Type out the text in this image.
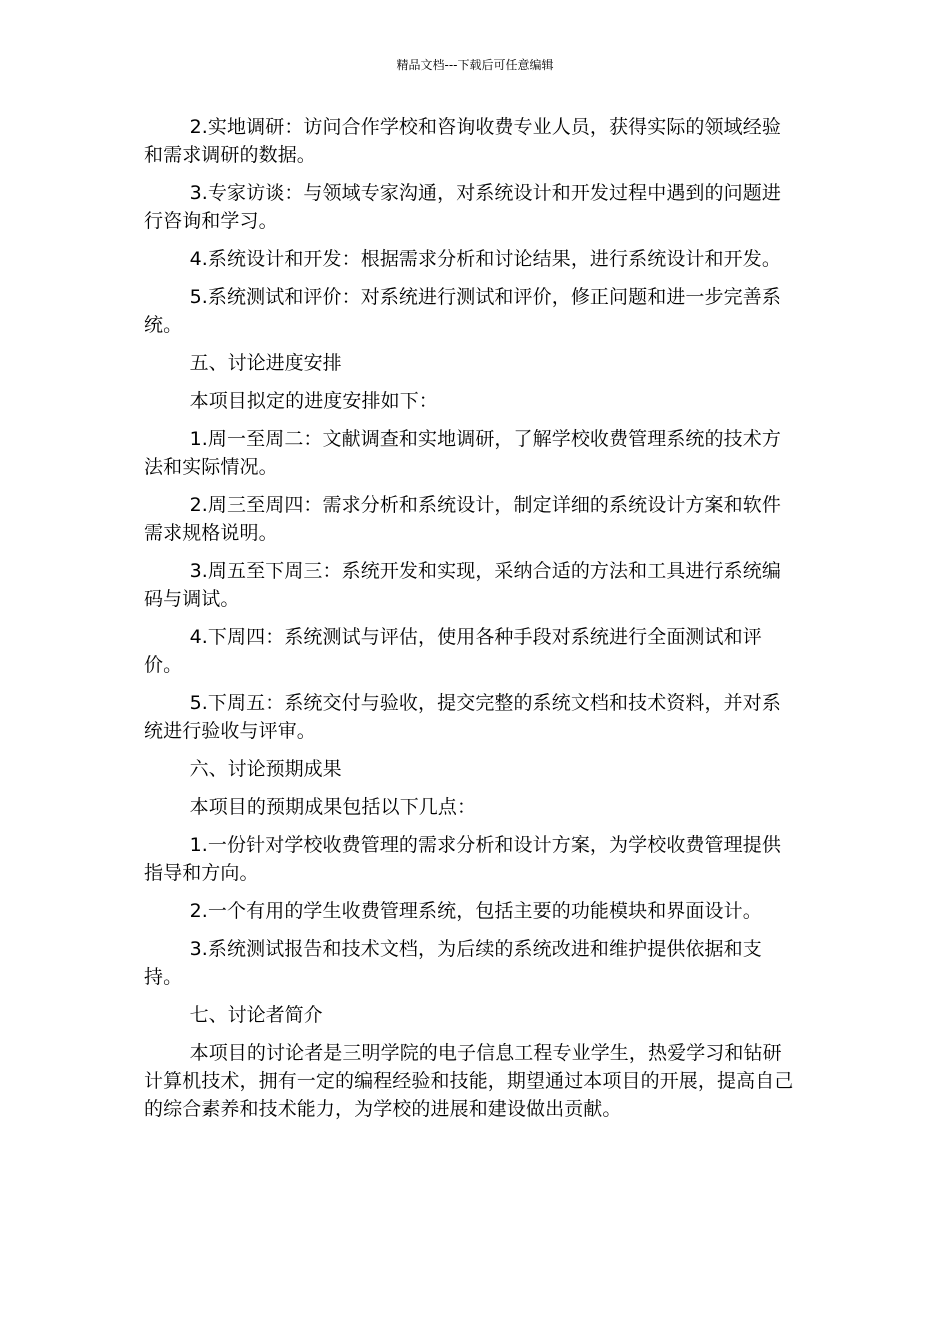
精品文档---下载后可任意编辑

2.实地调研：访问合作学校和咨询收费专业人员，获得实际的领域经验和需求调研的数据。

3.专家访谈：与领域专家沟通，对系统设计和开发过程中遇到的问题进行咨询和学习。

4.系统设计和开发：根据需求分析和讨论结果，进行系统设计和开发。

5.系统测试和评价：对系统进行测试和评价，修正问题和进一步完善系统。

五、讨论进度安排

本项目拟定的进度安排如下：

1.周一至周二：文献调查和实地调研，了解学校收费管理系统的技术方法和实际情况。

2.周三至周四：需求分析和系统设计，制定详细的系统设计方案和软件需求规格说明。

3.周五至下周三：系统开发和实现，采纳合适的方法和工具进行系统编码与调试。

4.下周四：系统测试与评估，使用各种手段对系统进行全面测试和评价。

5.下周五：系统交付与验收，提交完整的系统文档和技术资料，并对系统进行验收与评审。

六、讨论预期成果

本项目的预期成果包括以下几点：

1.一份针对学校收费管理的需求分析和设计方案，为学校收费管理提供指导和方向。

2.一个有用的学生收费管理系统，包括主要的功能模块和界面设计。

3.系统测试报告和技术文档，为后续的系统改进和维护提供依据和支持。

七、讨论者简介

本项目的讨论者是三明学院的电子信息工程专业学生，热爱学习和钻研计算机技术，拥有一定的编程经验和技能，期望通过本项目的开展，提高自己的综合素养和技术能力，为学校的进展和建设做出贡献。
